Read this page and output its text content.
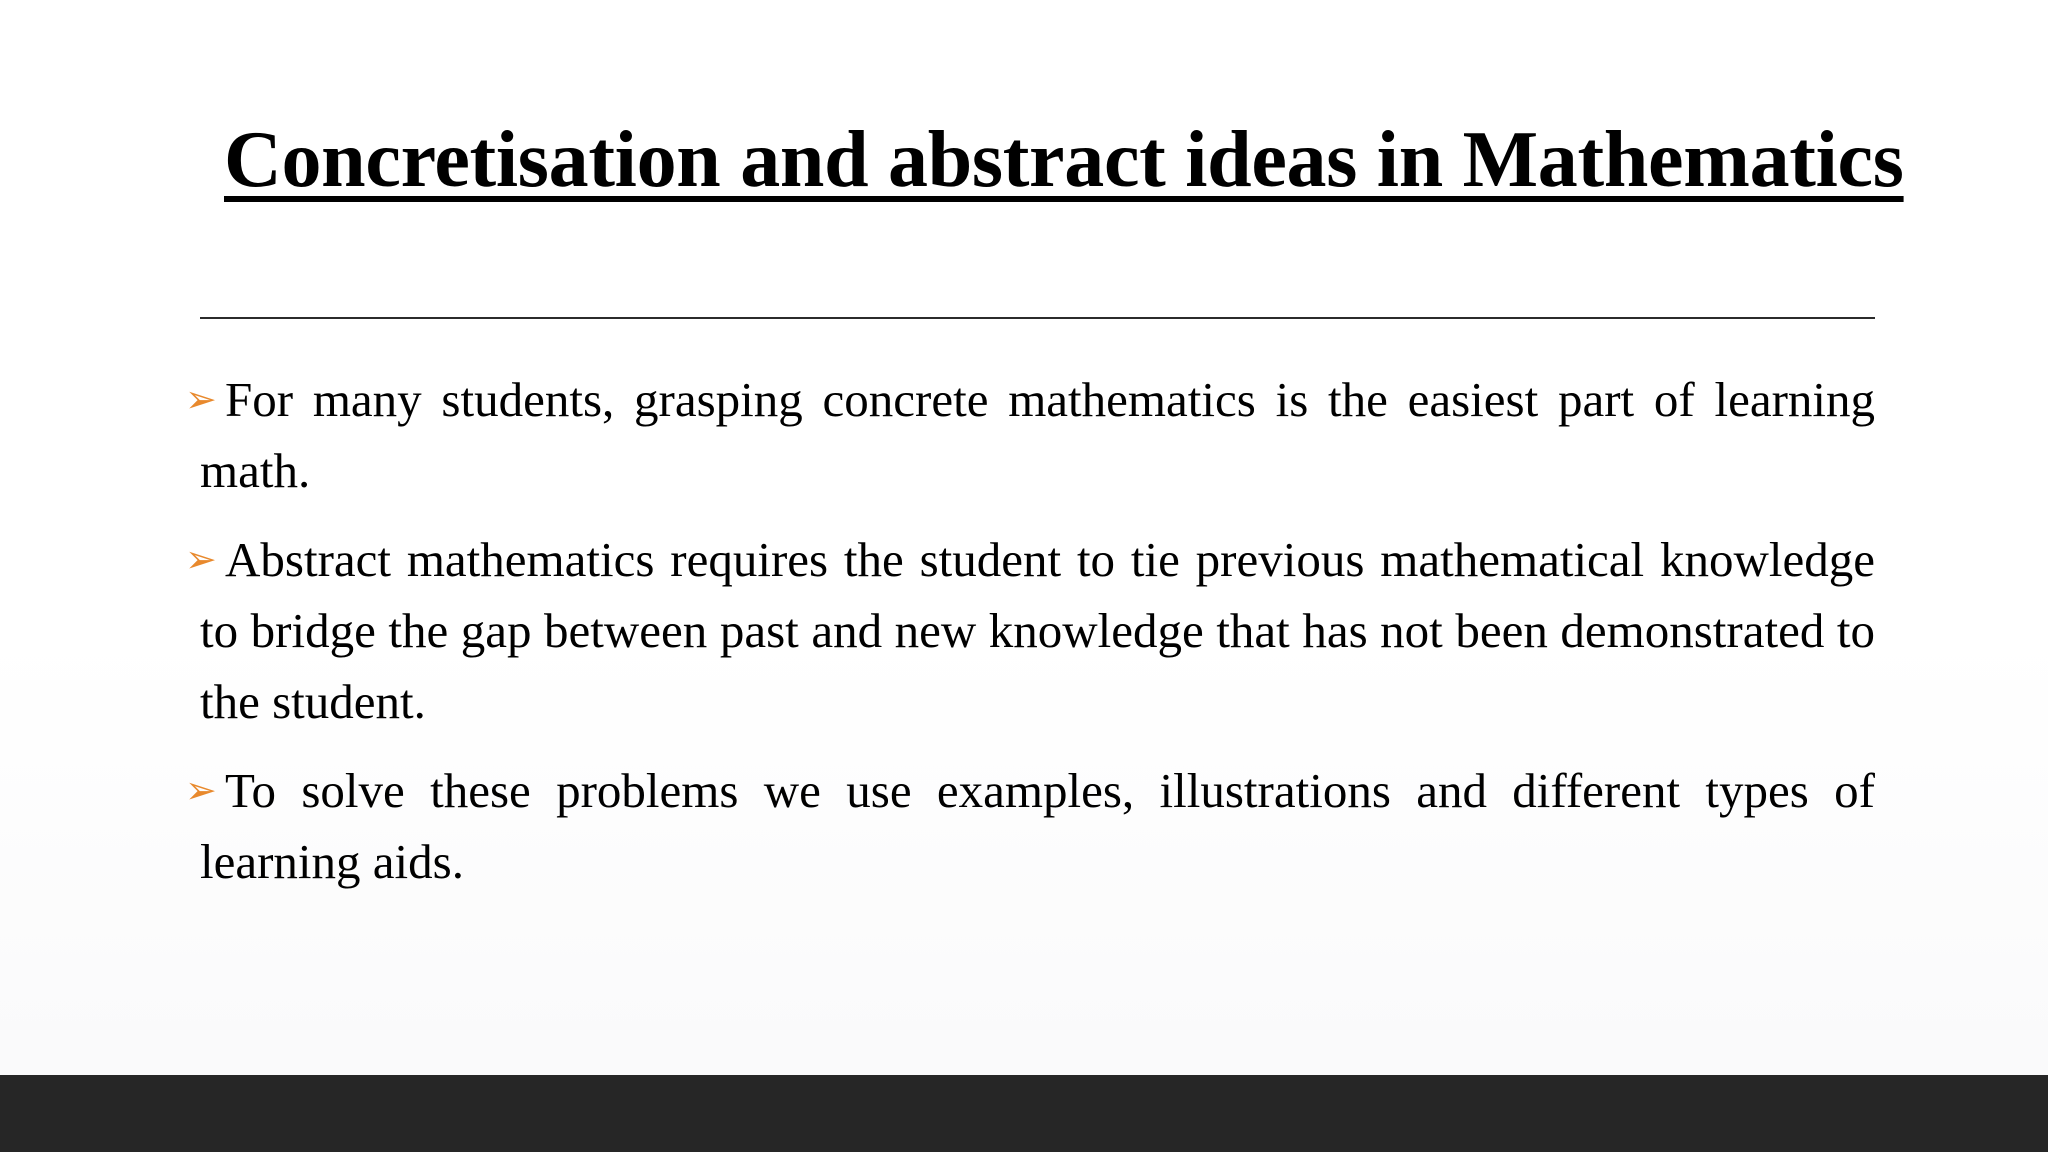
Concretisation and abstract ideas in Mathematics

➢ For many students, grasping concrete mathematics is the easiest part of learning math.

➢ Abstract mathematics requires the student to tie previous mathematical knowledge to bridge the gap between past and new knowledge that has not been demonstrated to the student.

➢ To solve these problems we use examples, illustrations and different types of learning aids.
